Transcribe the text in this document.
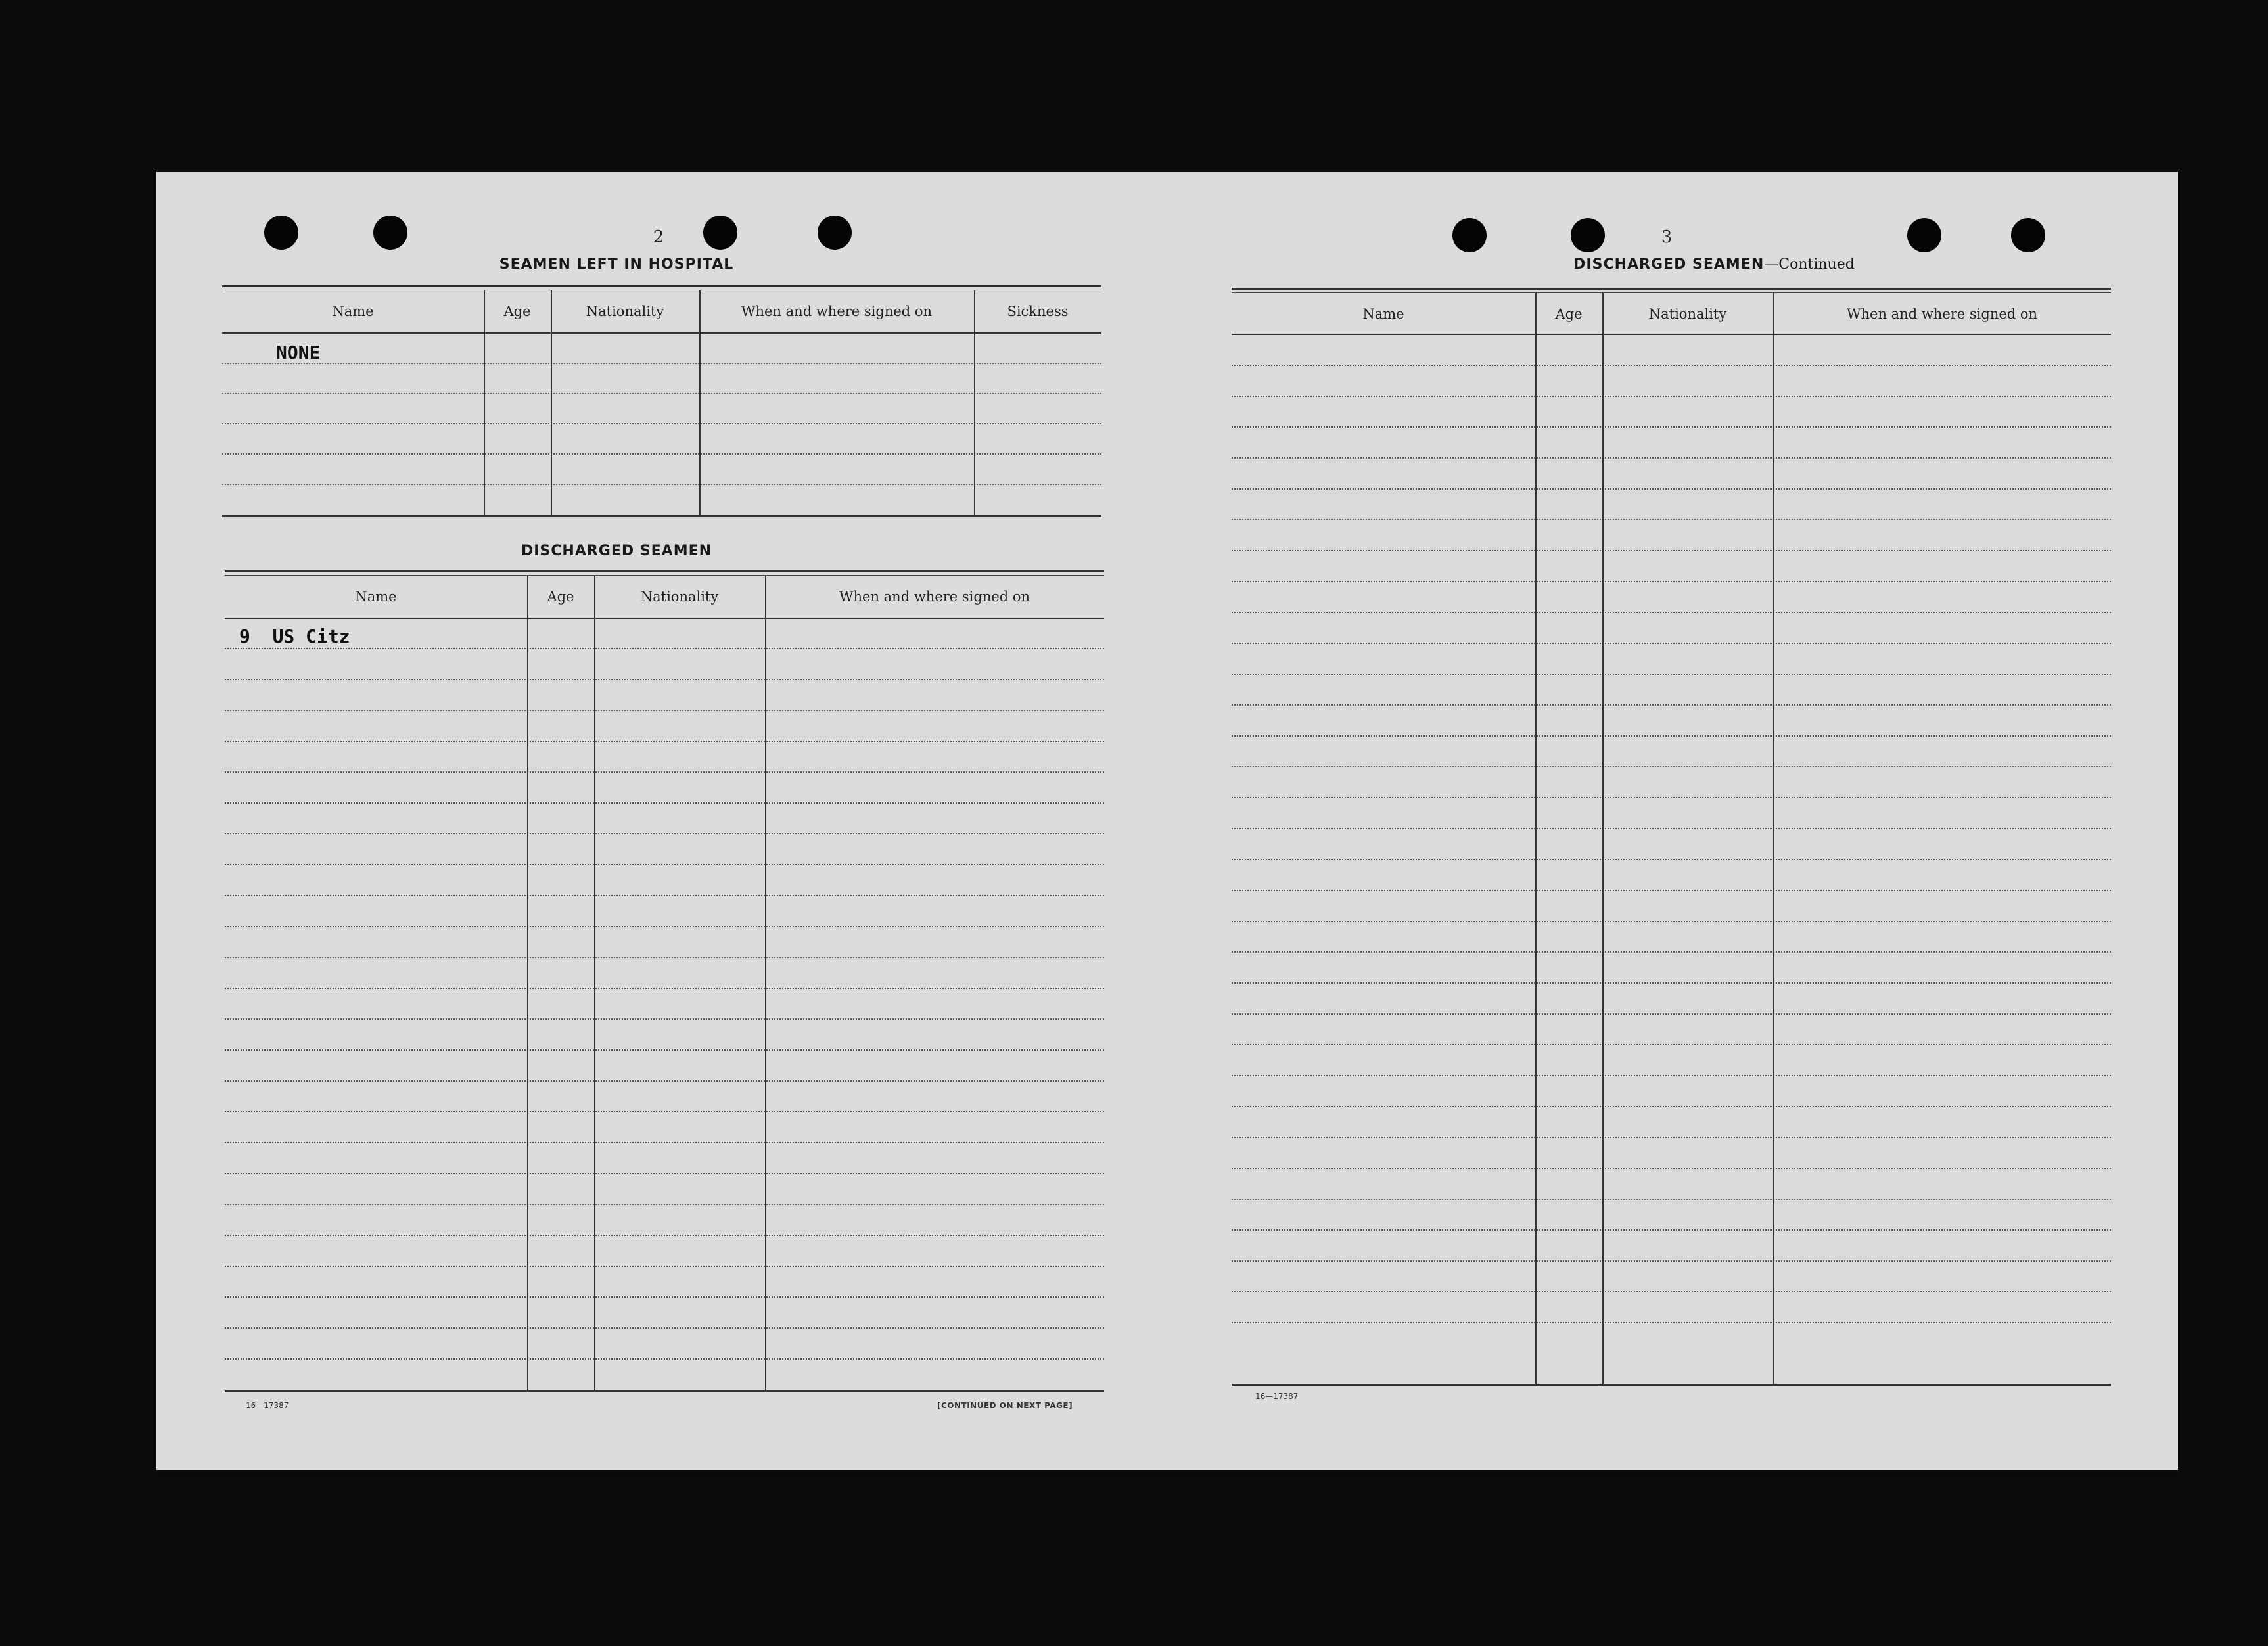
2
SEAMEN LEFT IN HOSPITAL
Name	Age	Nationality	When and where signed on	Sickness
NONE
DISCHARGED SEAMEN
Name	Age	Nationality	When and where signed on
9  US Citz
16—17387	[CONTINUED ON NEXT PAGE]
3
DISCHARGED SEAMEN—Continued
Name	Age	Nationality	When and where signed on
16—17387
